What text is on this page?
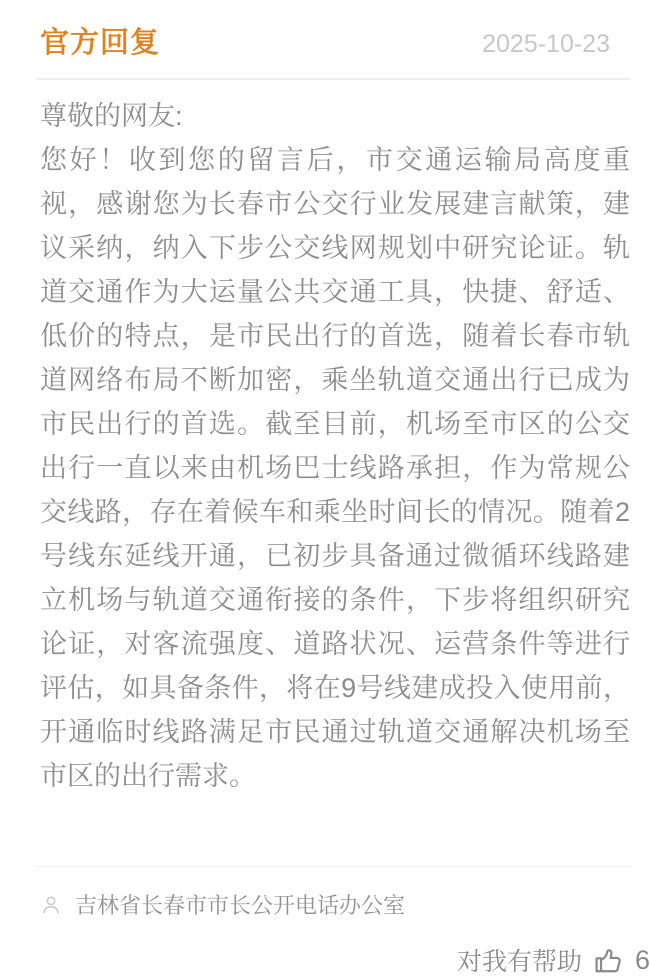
官方回复	2025-10-23
尊敬的网友:
您好！收到您的留言后，市交通运输局高度重视，感谢您为长春市公交行业发展建言献策，建议采纳，纳入下步公交线网规划中研究论证。轨道交通作为大运量公共交通工具，快捷、舒适、低价的特点，是市民出行的首选，随着长春市轨道网络布局不断加密，乘坐轨道交通出行已成为市民出行的首选。截至目前，机场至市区的公交出行一直以来由机场巴士线路承担，作为常规公交线路，存在着候车和乘坐时间长的情况。随着2号线东延线开通，已初步具备通过微循环线路建立机场与轨道交通衔接的条件，下步将组织研究论证，对客流强度、道路状况、运营条件等进行评估，如具备条件，将在9号线建成投入使用前，开通临时线路满足市民通过轨道交通解决机场至市区的出行需求。
吉林省长春市市长公开电话办公室
对我有帮助 6
